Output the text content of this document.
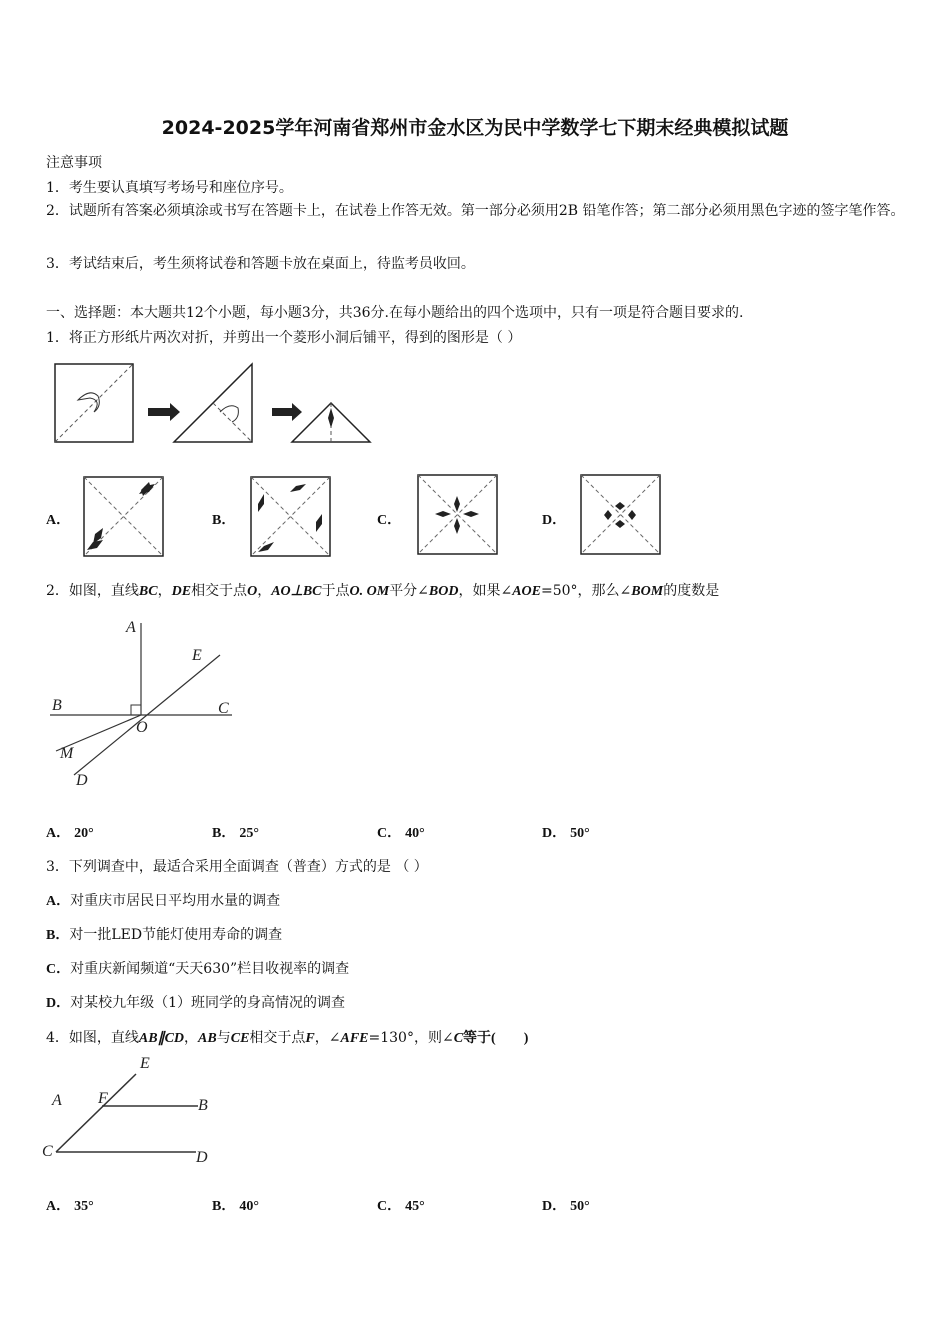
2024-2025学年河南省郑州市金水区为民中学数学七下期末经典模拟试题
注意事项
1．考生要认真填写考场号和座位序号。
2．试题所有答案必须填涂或书写在答题卡上，在试卷上作答无效。第一部分必须用2B 铅笔作答；第二部分必须用黑色字迹的签字笔作答。
3．考试结束后，考生须将试卷和答题卡放在桌面上，待监考员收回。
一、选择题：本大题共12个小题，每小题3分，共36分.在每小题给出的四个选项中，只有一项是符合题目要求的.
1．将正方形纸片两次对折，并剪出一个菱形小洞后铺平，得到的图形是（ ）
A．	B．	C．	D．
2．如图，直线BC，DE相交于点O，AO⊥BC于点O. OM平分∠BOD，如果∠AOE=50°，那么∠BOM的度数是
A
E
B	C
O
M
D
A． 20°	B． 25°	C． 40°	D． 50°
3．下列调查中，最适合采用全面调查（普查）方式的是 （ ）
A．对重庆市居民日平均用水量的调查
B．对一批LED节能灯使用寿命的调查
C．对重庆新闻频道“天天630”栏目收视率的调查
D．对某校九年级（1）班同学的身高情况的调查
4．如图，直线AB∥CD，AB与CE相交于点F，∠AFE=130°，则∠C等于(　　)
E
A F	B
C	D
A． 35°	B． 40°	C． 45°	D． 50°
